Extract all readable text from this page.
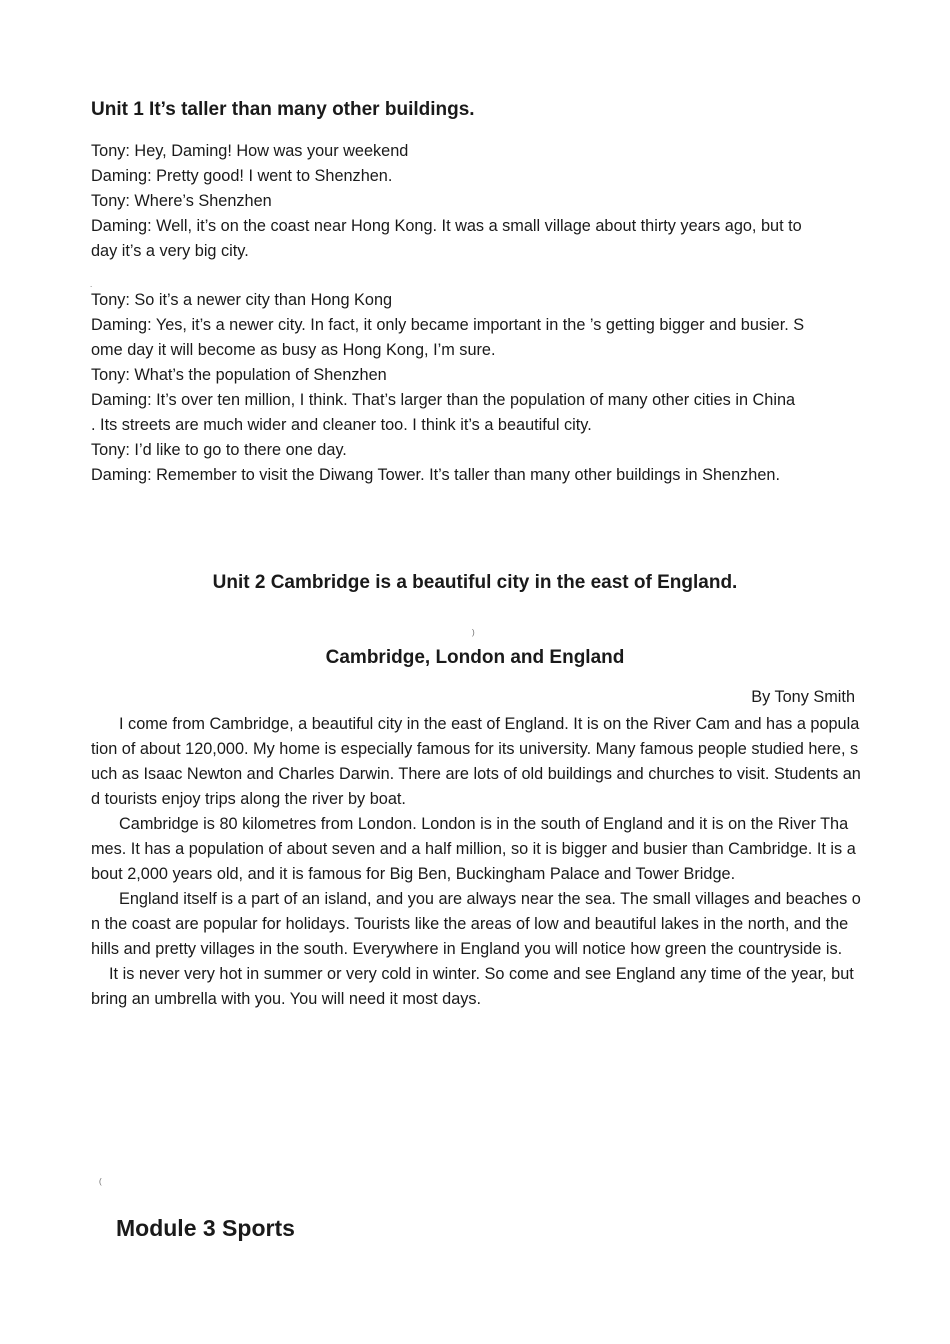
Unit 1 It’s taller than many other buildings.
Tony: Hey, Daming! How was your weekend
Daming: Pretty good! I went to Shenzhen.
Tony: Where’s Shenzhen
Daming: Well, it’s on the coast near Hong Kong. It was a small village about thirty years ago, but to
day it’s a very big city.
.
Tony: So it’s a newer city than Hong Kong
Daming: Yes, it’s a newer city. In fact, it only became important in the ’s getting bigger and busier. S
ome day it will become as busy as Hong Kong, I’m sure.
Tony: What’s the population of Shenzhen
Daming: It’s over ten million, I think. That’s larger than the population of many other cities in China
. Its streets are much wider and cleaner too. I think it’s a beautiful city.
Tony: I’d like to go to there one day.
Daming: Remember to visit the Diwang Tower. It’s taller than many other buildings in Shenzhen.
Unit 2 Cambridge is a beautiful city in the east of England.
)
Cambridge, London and England
By Tony Smith

I come from Cambridge, a beautiful city in the east of England. It is on the River Cam and has a population of about 120,000. My home is especially famous for its university. Many famous people studied here, such as Isaac Newton and Charles Darwin. There are lots of old buildings and churches to visit. Students and tourists enjoy trips along the river by boat.

Cambridge is 80 kilometres from London. London is in the south of England and it is on the River Thames. It has a population of about seven and a half million, so it is bigger and busier than Cambridge. It is about 2,000 years old, and it is famous for Big Ben, Buckingham Palace and Tower Bridge.

England itself is a part of an island, and you are always near the sea. The small villages and beaches on the coast are popular for holidays. Tourists like the areas of low and beautiful lakes in the north, and the hills and pretty villages in the south. Everywhere in England you will notice how green the countryside is.

It is never very hot in summer or very cold in winter. So come and see England any time of the year, but bring an umbrella with you. You will need it most days.

(
Module 3 Sports
